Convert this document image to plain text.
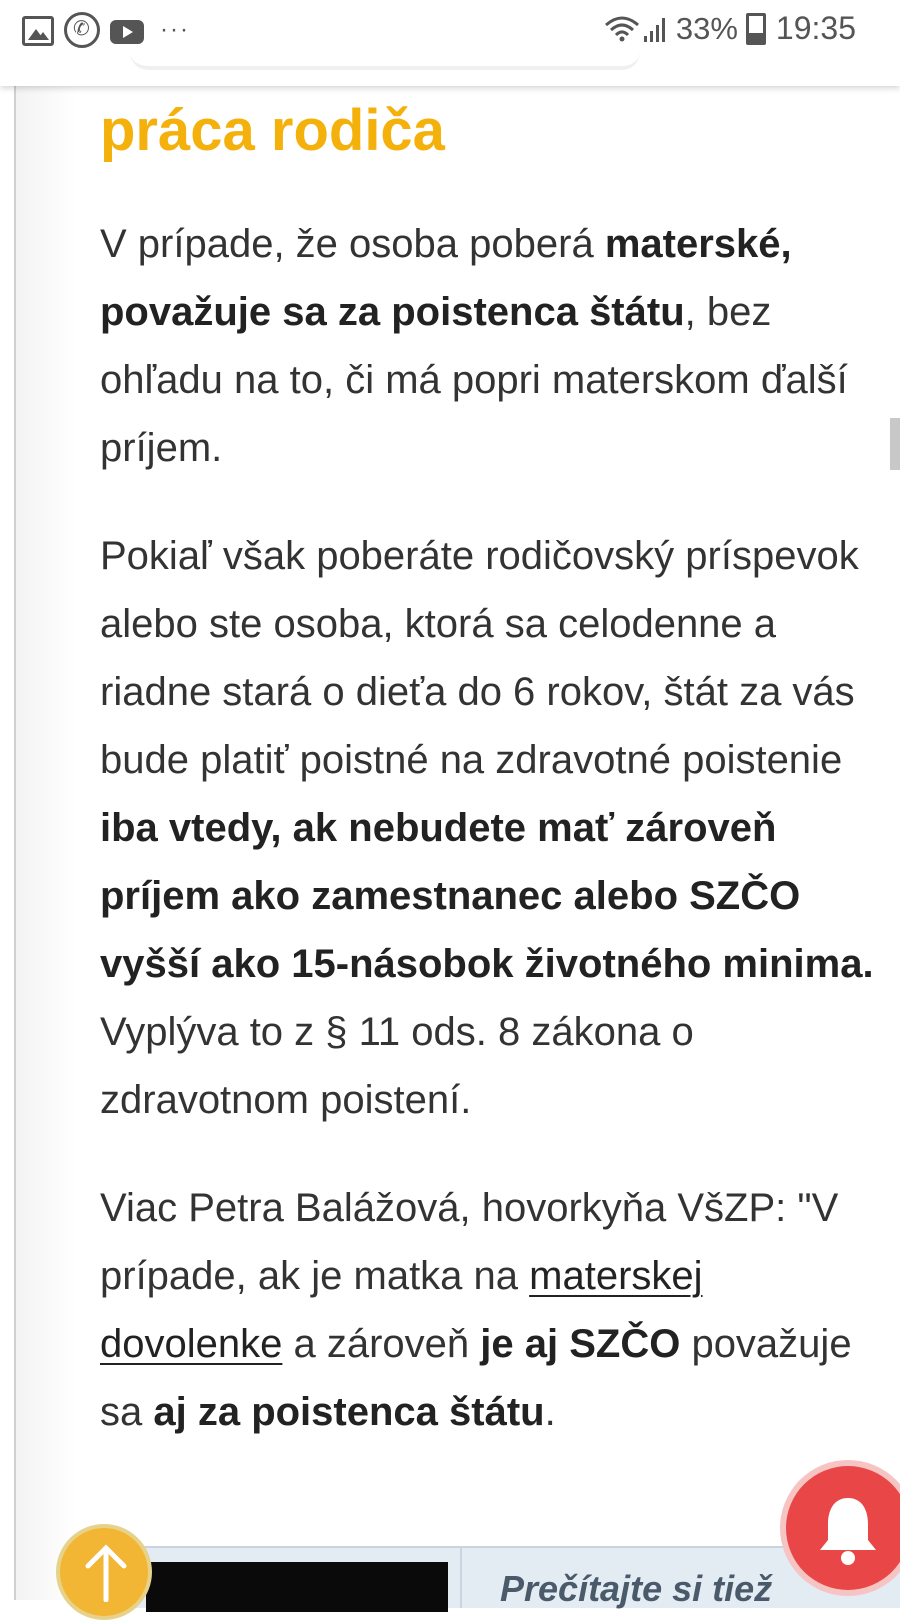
✆
···	33% 19:35
práca rodiča

V prípade, že osoba poberá materské, považuje sa za poistenca štátu, bez ohľadu na to, či má popri materskom ďalší príjem.

Pokiaľ však poberáte rodičovský príspevok alebo ste osoba, ktorá sa celodenne a riadne stará o dieťa do 6 rokov, štát za vás bude platiť poistné na zdravotné poistenie iba vtedy, ak nebudete mať zároveň príjem ako zamestnanec alebo SZČO vyšší ako 15-násobok životného minima. Vyplýva to z § 11 ods. 8 zákona o zdravotnom poistení.

Viac Petra Balážová, hovorkyňa VšZP: "V prípade, ak je matka na materskej dovolenke a zároveň je aj SZČO považuje sa aj za poistenca štátu.

Prečítajte si tiež
